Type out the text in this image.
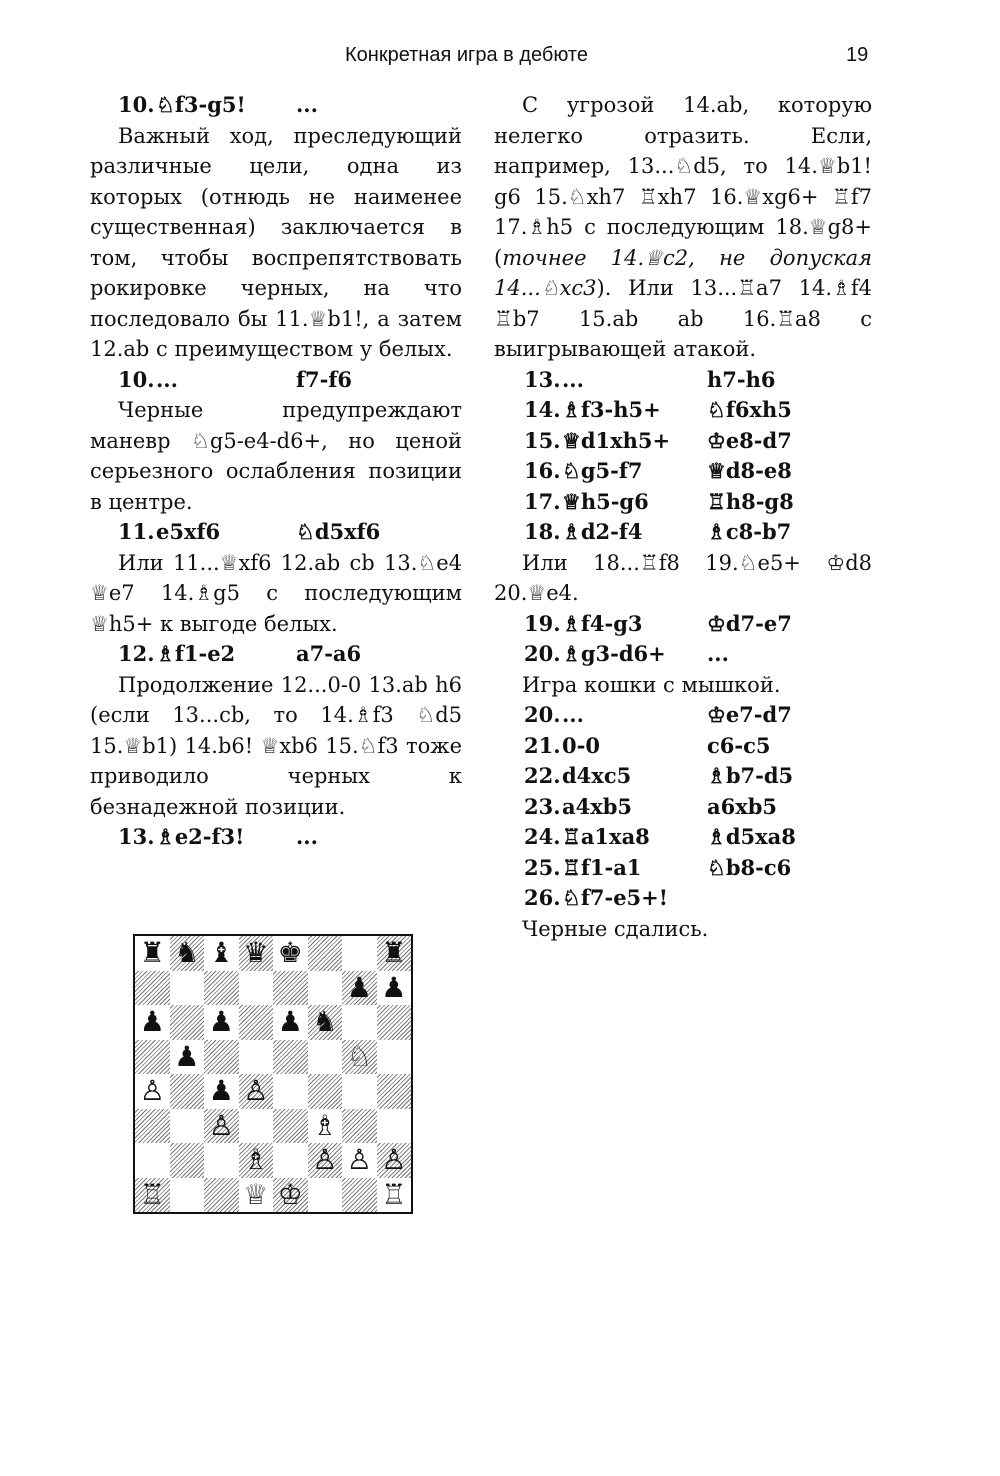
Конкретная игра в дебюте	19
10. ♘f3-g5!	...

Важный ход, преследующий различные цели, одна из которых (отнюдь не наименее существенная) заключается в том, чтобы воспрепятствовать рокировке черных, на что последовало бы 11.♕b1!, а затем 12.ab с преимуществом у белых.

10. ...	f7-f6

Черные предупреждают маневр ♘g5-e4-d6+, но ценой серьезного ослабления позиции в центре.

11. e5xf6	♘d5xf6

Или 11...♕xf6 12.ab cb 13.♘e4 ♕e7 14.♗g5 с последующим ♕h5+ к выгоде белых.

12. ♗f1-e2	a7-a6

Продолжение 12...0-0 13.ab h6 (если 13...cb, то 14.♗f3 ♘d5 15.♕b1) 14.b6! ♕xb6 15.♘f3 тоже приводило черных к безнадежной позиции.

13. ♗e2-f3!	...

С угрозой 14.ab, которую нелегко отразить. Если, например, 13...♘d5, то 14.♕b1! g6 15.♘xh7 ♖xh7 16.♕xg6+ ♖f7 17.♗h5 с последующим 18.♕g8+ (точнее 14.♕c2, не допуская 14...♘xc3). Или 13...♖a7 14.♗f4 ♖b7 15.ab ab 16.♖a8 с выигрывающей атакой.

13. ...	h7-h6
14. ♗f3-h5+	♘f6xh5
15. ♕d1xh5+	♔e8-d7
16. ♘g5-f7	♕d8-e8
17. ♕h5-g6	♖h8-g8
18. ♗d2-f4	♗c8-b7

Или 18...♖f8 19.♘e5+ ♔d8 20.♕e4.

19. ♗f4-g3	♔d7-e7
20. ♗g3-d6+	...

Игра кошки с мышкой.

20. ...	♔e7-d7
21. 0-0	c6-c5
22. d4xc5	♗b7-d5
23. a4xb5	a6xb5
24. ♖a1xa8	♗d5xa8
25. ♖f1-a1	♘b8-c6
26. ♘f7-e5+!

Черные сдались.

♜ ♞ ♝ ♛ ♚	♜
♟ ♟
♟ ♟ ♟ ♞
♟	♘
♙ ♟ ♙
♙	♗
♗ ♙ ♙ ♙
♖	♕ ♔	♖
